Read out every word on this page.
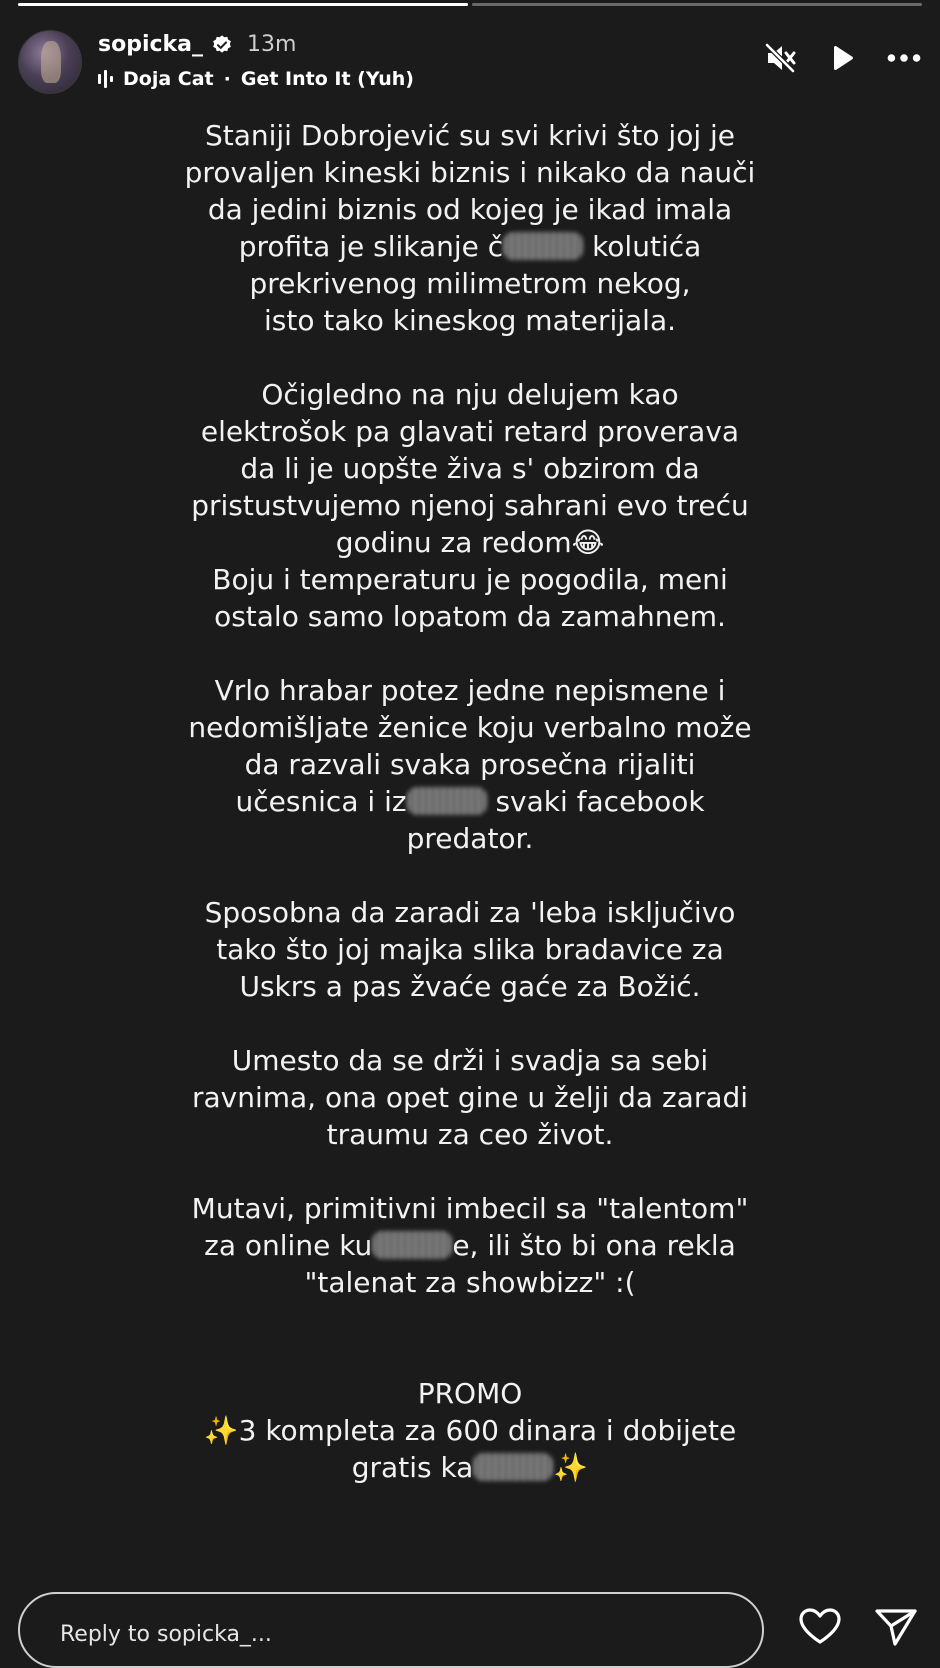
sopicka_ 13m
Doja Cat · Get Into It (Yuh)
Staniji Dobrojević su svi krivi što joj je
provaljen kineski biznis i nikako da nauči
da jedini biznis od kojeg je ikad imala
profita je slikanje č	kolutića
prekrivenog milimetrom nekog,
isto tako kineskog materijala.
Očigledno na nju delujem kao
elektrošok pa glavati retard proverava
da li je uopšte živa s' obzirom da
pristustvujemo njenoj sahrani evo treću
godinu za redom😂
Boju i temperaturu je pogodila, meni
ostalo samo lopatom da zamahnem.
Vrlo hrabar potez jedne nepismene i
nedomišljate ženice koju verbalno može
da razvali svaka prosečna rijaliti
učesnica i iz	svaki facebook
predator.
Sposobna da zaradi za 'leba isključivo
tako što joj majka slika bradavice za
Uskrs a pas žvaće gaće za Božić.
Umesto da se drži i svadja sa sebi
ravnima, ona opet gine u želji da zaradi
traumu za ceo život.
Mutavi, primitivni imbecil sa "talentom"
za online ku	e, ili što bi ona rekla
"talenat za showbizz" :(
PROMO
✨3 kompleta za 600 dinara i dobijete
gratis ka	✨
Reply to sopicka_...
